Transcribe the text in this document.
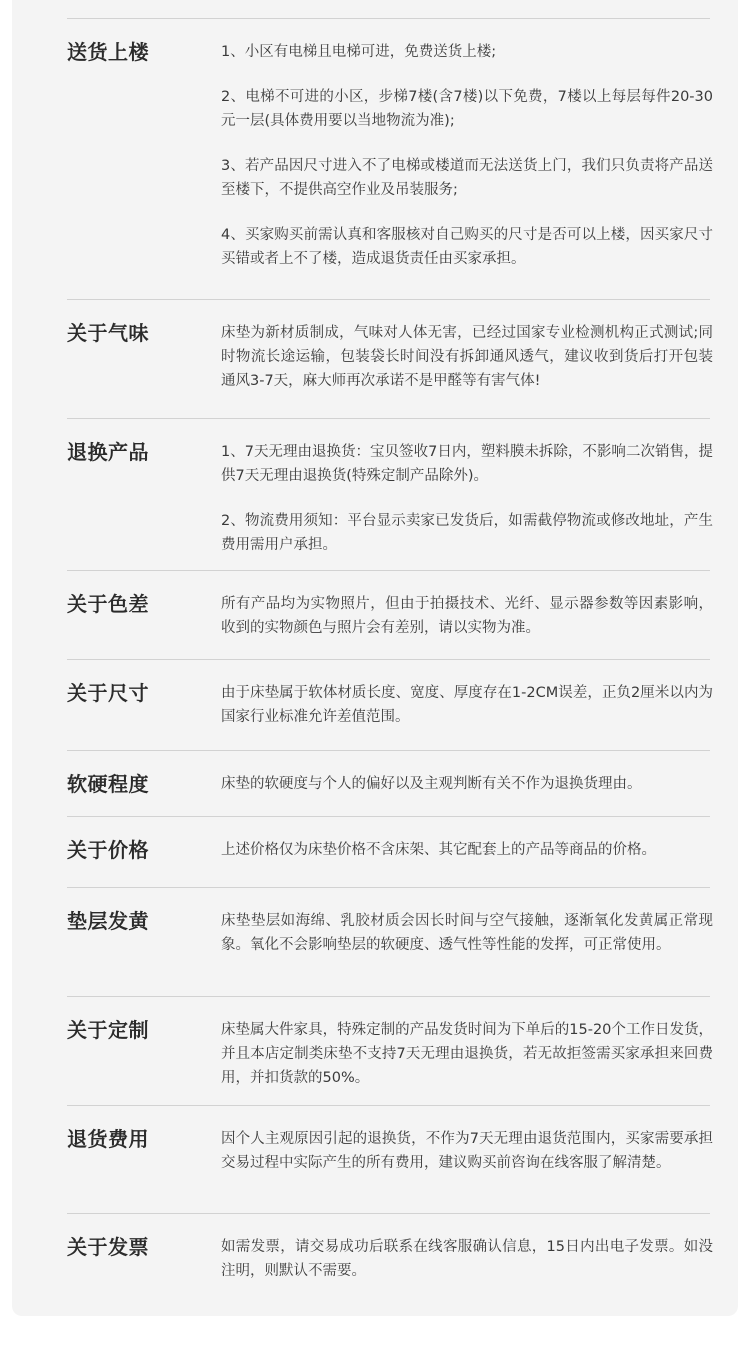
送货上楼	1、小区有电梯且电梯可进，免费送货上楼;

2、电梯不可进的小区，步梯7楼(含7楼)以下免费，7楼以上每层每件20-30元一层(具体费用要以当地物流为准);

3、若产品因尺寸进入不了电梯或楼道而无法送货上门，我们只负责将产品送至楼下，不提供高空作业及吊装服务;

4、买家购买前需认真和客服核对自己购买的尺寸是否可以上楼，因买家尺寸买错或者上不了楼，造成退货责任由买家承担。

关于气味	床垫为新材质制成，气味对人体无害，已经过国家专业检测机构正式测试;同时物流长途运输，包装袋长时间没有拆卸通风透气，建议收到货后打开包装通风3-7天，麻大师再次承诺不是甲醛等有害气体!

退换产品	1、7天无理由退换货：宝贝签收7日内，塑料膜未拆除，不影响二次销售，提供7天无理由退换货(特殊定制产品除外)。

2、物流费用须知：平台显示卖家已发货后，如需截停物流或修改地址，产生费用需用户承担。

关于色差	所有产品均为实物照片，但由于拍摄技术、光纤、显示器参数等因素影响，收到的实物颜色与照片会有差别，请以实物为准。

关于尺寸	由于床垫属于软体材质长度、宽度、厚度存在1-2CM误差，正负2厘米以内为国家行业标准允许差值范围。

软硬程度	床垫的软硬度与个人的偏好以及主观判断有关不作为退换货理由。

关于价格	上述价格仅为床垫价格不含床架、其它配套上的产品等商品的价格。

垫层发黄	床垫垫层如海绵、乳胶材质会因长时间与空气接触，逐渐氧化发黄属正常现象。氧化不会影响垫层的软硬度、透气性等性能的发挥，可正常使用。

关于定制	床垫属大件家具，特殊定制的产品发货时间为下单后的15-20个工作日发货，并且本店定制类床垫不支持7天无理由退换货，若无故拒签需买家承担来回费用，并扣货款的50%。

退货费用	因个人主观原因引起的退换货，不作为7天无理由退货范围内，买家需要承担交易过程中实际产生的所有费用，建议购买前咨询在线客服了解清楚。

关于发票	如需发票，请交易成功后联系在线客服确认信息，15日内出电子发票。如没注明，则默认不需要。
